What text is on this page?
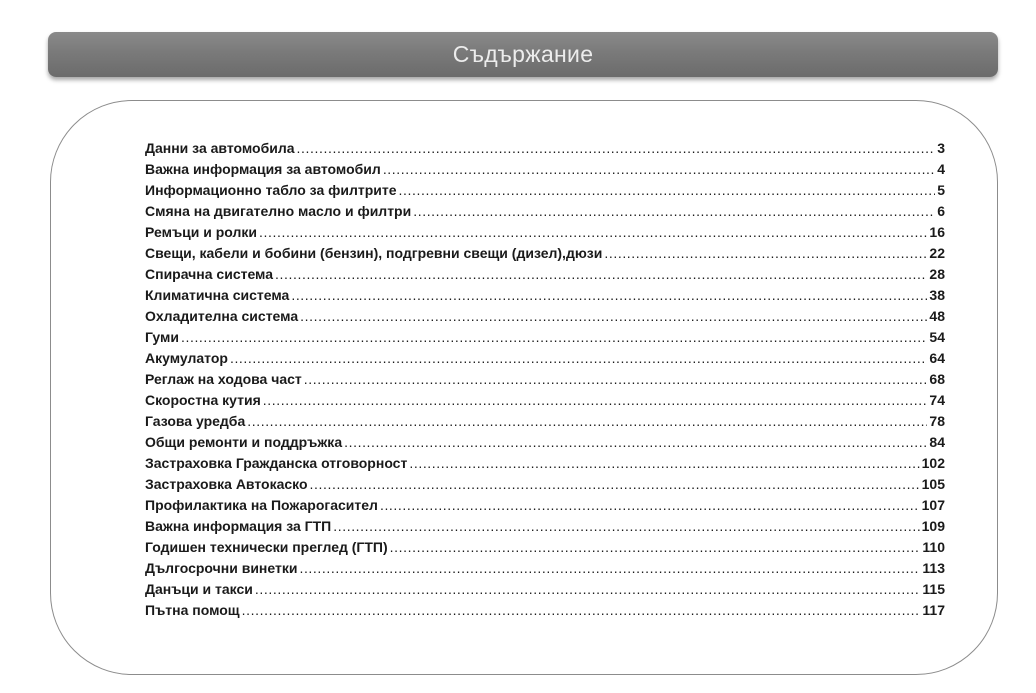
Съдържание
Данни за автомобила .....	3
Важна информация за автомобил .....	4
Информационно табло за филтрите .....	5
Смяна на двигателно масло и филтри .....	6
Ремъци и ролки .....	16
Свещи, кабели и бобини (бензин), подгревни свещи (дизел),дюзи .....	22
Спирачна система .....	28
Климатична система .....	38
Охладителна система .....	48
Гуми .....	54
Акумулатор .....	64
Реглаж на ходова част .....	68
Скоростна кутия .....	74
Газова уредба .....	78
Общи ремонти и поддръжка .....	84
Застраховка Гражданска отговорност .....	102
Застраховка Автокаско .....	105
Профилактика на Пожарогасител .....	107
Важна информация за ГТП .....	109
Годишен технически преглед (ГТП) .....	110
Дългосрочни винетки .....	113
Данъци и такси .....	115
Пътна помощ .....	117
